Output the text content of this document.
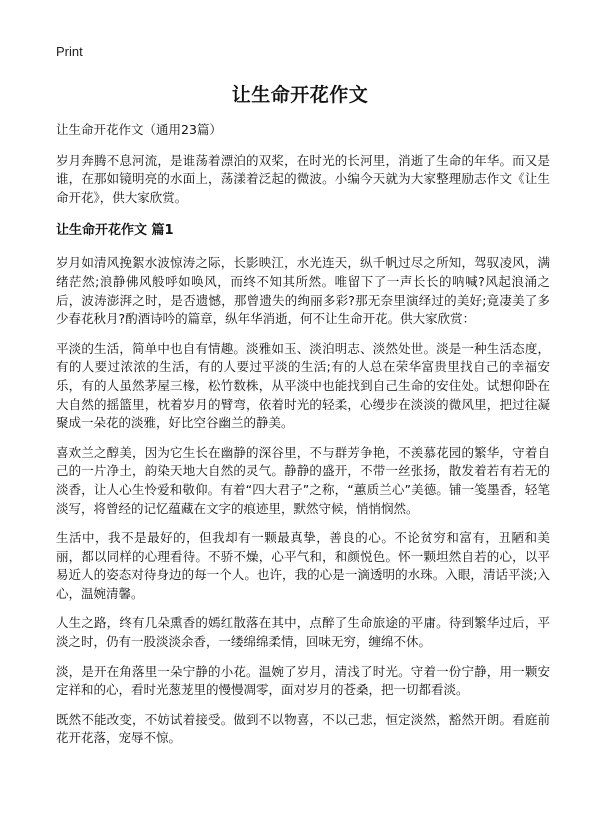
Print
让生命开花作文

让生命开花作文（通用23篇）

岁月奔腾不息河流，是谁荡着漂泊的双桨，在时光的长河里，消逝了生命的年华。而又是谁，在那如镜明亮的水面上，荡漾着泛起的微波。小编今天就为大家整理励志作文《让生命开花》，供大家欣赏。

让生命开花作文 篇1

岁月如清风挽絮水波惊涛之际，长影映江，水光连天，纵千帆过尽之所知，驾驭凌风，满绪茫然;浪静佛风般呼如唤风，而终不知其所然。唯留下了一声长长的呐喊?风起浪涌之后，波涛澎湃之时，是否遗憾，那曾遗失的绚丽多彩?那无奈里演绎过的美好;竟凄美了多少春花秋月?酌酒诗吟的篇章，纵年华消逝，何不让生命开花。供大家欣赏：

平淡的生活，简单中也自有情趣。淡雅如玉、淡泊明志、淡然处世。淡是一种生活态度，有的人要过浓浓的生活，有的人要过平淡的生活;有的人总在荣华富贵里找自己的幸福安乐，有的人虽然茅屋三椽，松竹数株，从平淡中也能找到自己生命的安住处。试想仰卧在大自然的摇篮里，枕着岁月的臂弯，依着时光的轻柔，心缦步在淡淡的微风里，把过往凝聚成一朵花的淡雅，好比空谷幽兰的静美。

喜欢兰之醇美，因为它生长在幽静的深谷里，不与群芳争艳，不羡慕花园的繁华，守着自己的一片净土，韵染天地大自然的灵气。静静的盛开，不带一丝张扬，散发着若有若无的淡香，让人心生怜爱和敬仰。有着“四大君子”之称，“蕙质兰心”美德。铺一笺墨香，轻笔淡写，将曾经的记忆蕴藏在文字的痕迹里，默然守候，悄悄悯然。

生活中，我不是最好的，但我却有一颗最真挚，善良的心。不论贫穷和富有，丑陋和美丽，都以同样的心理看待。不骄不燥，心平气和，和颜悦色。怀一颗坦然自若的心，以平易近人的姿态对待身边的每一个人。也许，我的心是一滴透明的水珠。入眼，清话平淡;入心，温婉清馨。

人生之路，终有几朵熏香的嫣红散落在其中，点醉了生命旅途的平庸。待到繁华过后，平淡之时，仍有一股淡淡余香，一缕绵绵柔情，回味无穷，缠绵不休。

淡，是开在角落里一朵宁静的小花。温婉了岁月，清浅了时光。守着一份宁静，用一颗安定祥和的心，看时光葱茏里的慢慢凋零，面对岁月的苍桑，把一切都看淡。

既然不能改变，不妨试着接受。做到不以物喜，不以己悲，恒定淡然，豁然开朗。看庭前花开花落，宠辱不惊。
